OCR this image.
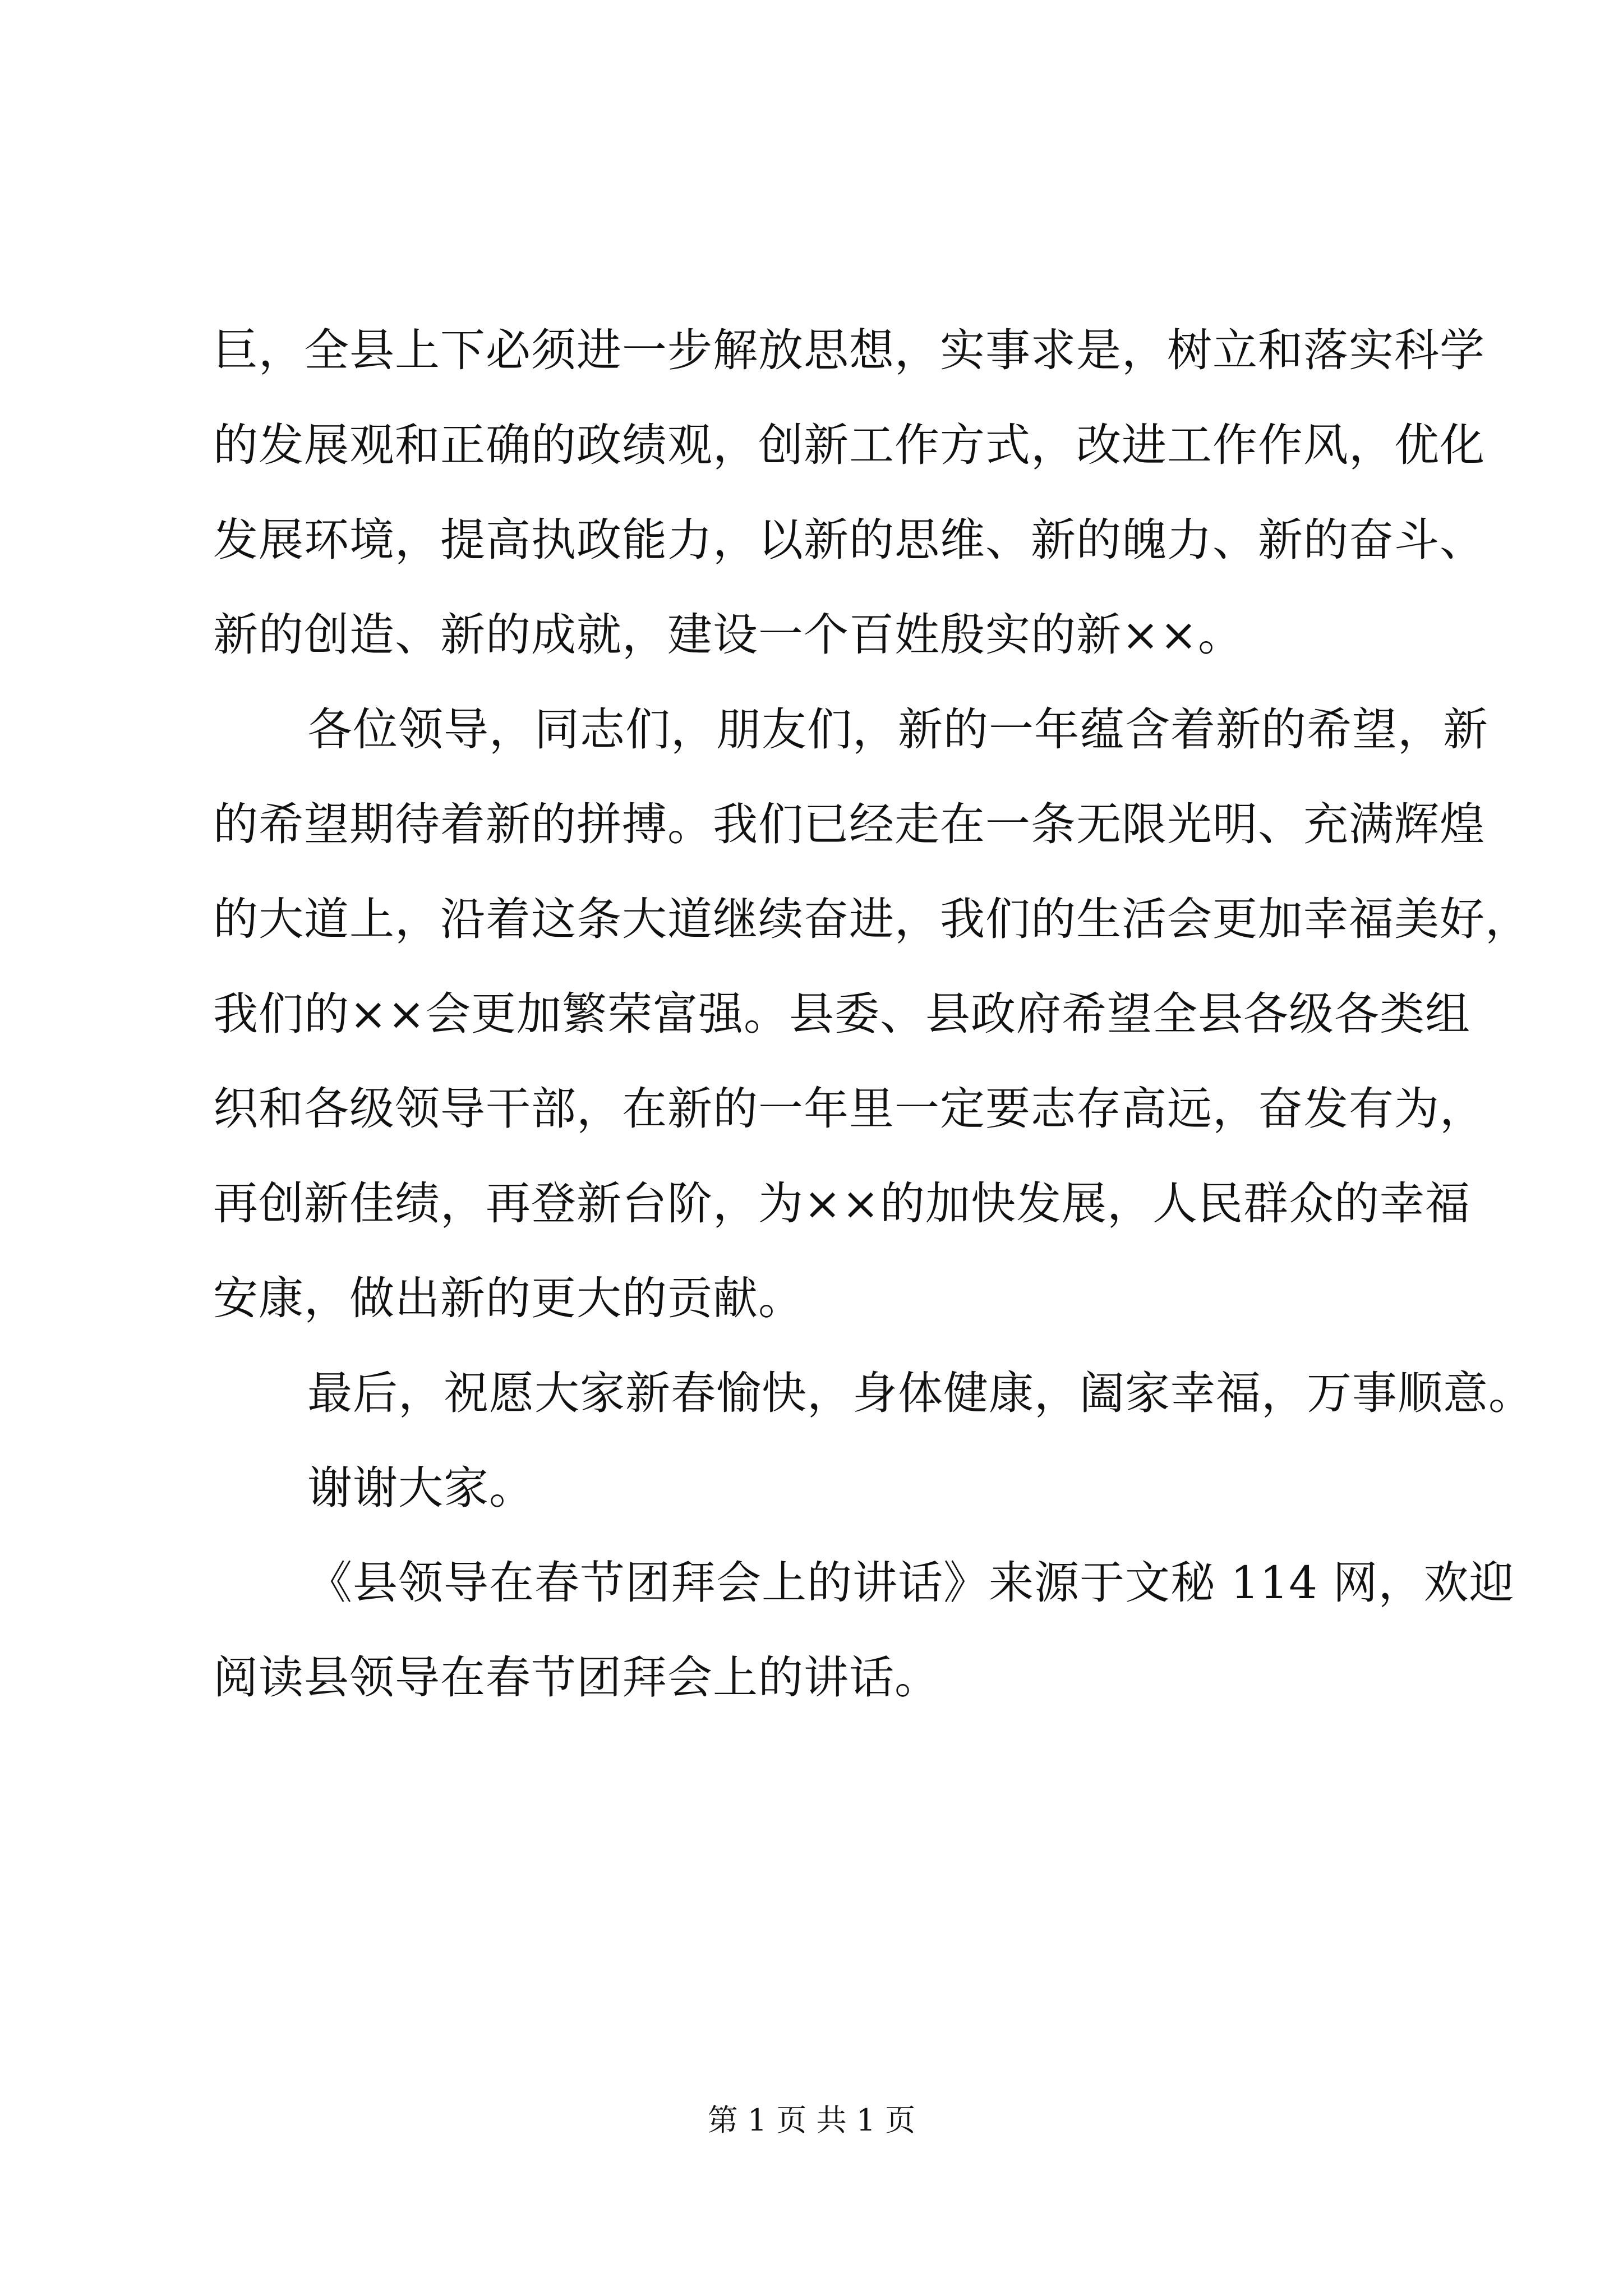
巨，全县上下必须进一步解放思想，实事求是，树立和落实科学
的发展观和正确的政绩观，创新工作方式，改进工作作风，优化
发展环境，提高执政能力，以新的思维、新的魄力、新的奋斗、
新的创造、新的成就，建设一个百姓殷实的新××。
各位领导，同志们，朋友们，新的一年蕴含着新的希望，新
的希望期待着新的拼搏。我们已经走在一条无限光明、充满辉煌
的大道上，沿着这条大道继续奋进，我们的生活会更加幸福美好，
我们的××会更加繁荣富强。县委、县政府希望全县各级各类组
织和各级领导干部，在新的一年里一定要志存高远，奋发有为，
再创新佳绩，再登新台阶，为××的加快发展，人民群众的幸福
安康，做出新的更大的贡献。
最后，祝愿大家新春愉快，身体健康，阖家幸福，万事顺意。
谢谢大家。
《县领导在春节团拜会上的讲话》来源于文秘 114 网，欢迎
阅读县领导在春节团拜会上的讲话。
第 1 页 共 1 页
